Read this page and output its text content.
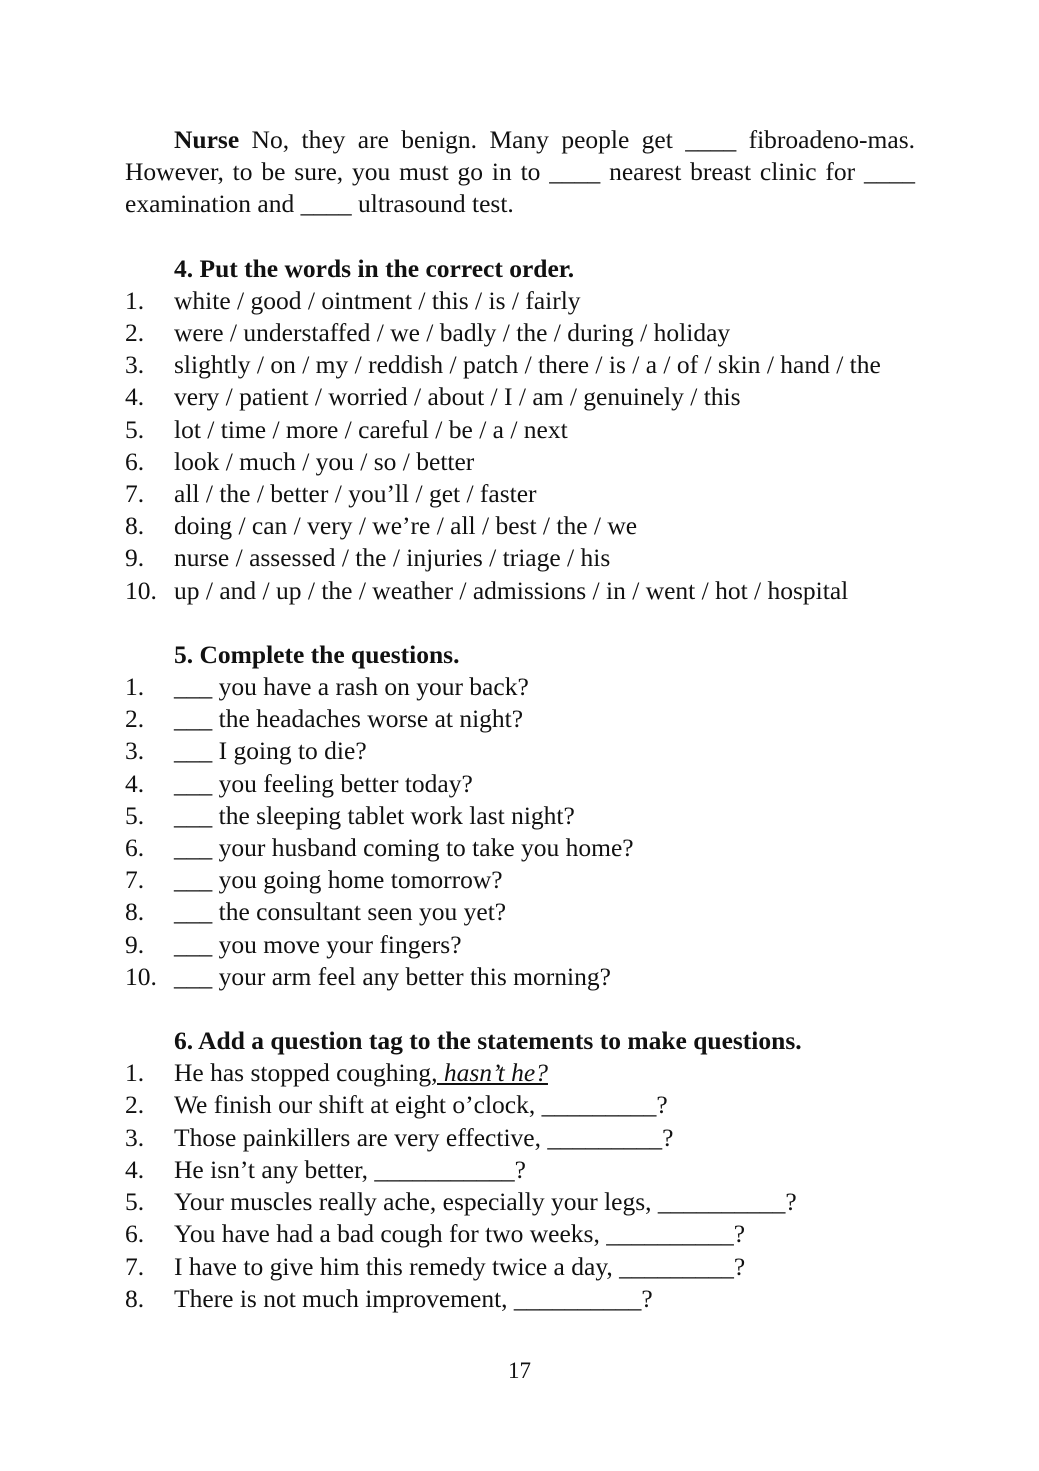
Nurse No, they are benign. Many people get ____ fibroadeno-mas. However, to be sure, you must go in to ____ nearest breast clinic for ____ examination and ____ ultrasound test.

4. Put the words in the correct order.

1.	white / good / ointment / this / is / fairly
2.	were / understaffed / we / badly / the / during / holiday
3.	slightly / on / my / reddish / patch / there / is / a / of / skin / hand / the
4.	very / patient / worried / about / I / am / genuinely / this
5.	lot / time / more / careful / be / a / next
6.	look / much / you / so / better
7.	all / the / better / you’ll / get / faster
8.	doing / can / very / we’re / all / best / the / we
9.	nurse / assessed / the / injuries / triage / his
10. up / and / up / the / weather / admissions / in / went / hot / hospital

5. Complete the questions.

1.	___ you have a rash on your back?
2.	___ the headaches worse at night?
3.	___ I going to die?
4.	___ you feeling better today?
5.	___ the sleeping tablet work last night?
6.	___ your husband coming to take you home?
7.	___ you going home tomorrow?
8.	___ the consultant seen you yet?
9.	___ you move your fingers?
10. ___ your arm feel any better this morning?

6. Add a question tag to the statements to make questions.

1.	He has stopped coughing, hasn’t he?
2.	We finish our shift at eight o’clock, _________?
3.	Those painkillers are very effective, _________?
4.	He isn’t any better, ___________?
5.	Your muscles really ache, especially your legs, __________?
6.	You have had a bad cough for two weeks, __________?
7.	I have to give him this remedy twice a day, _________?
8.	There is not much improvement, __________?
17
